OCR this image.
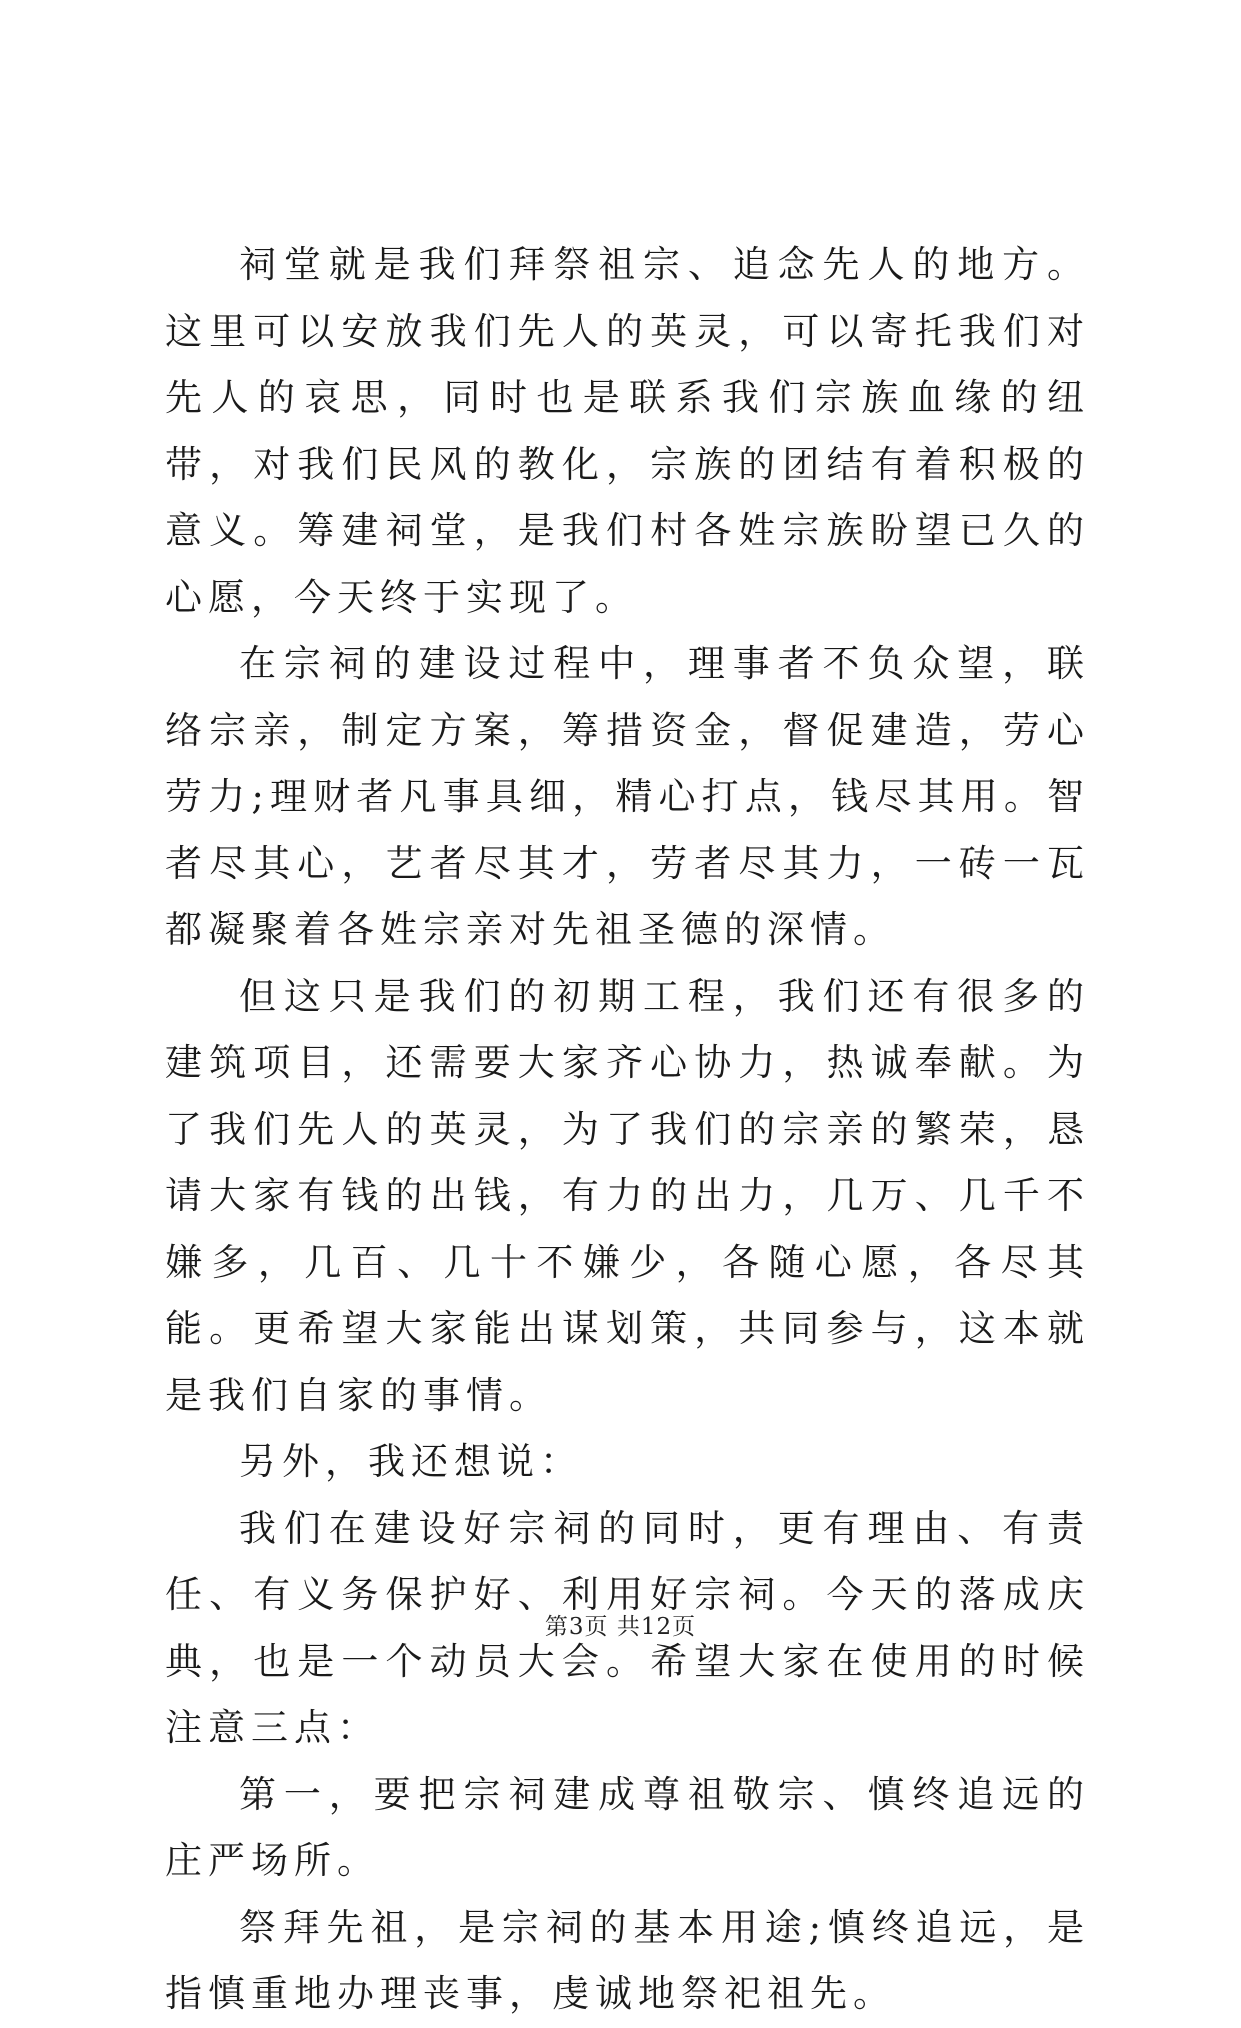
祠堂就是我们拜祭祖宗、追念先人的地方。这里可以安放我们先人的英灵，可以寄托我们对先人的哀思，同时也是联系我们宗族血缘的纽带，对我们民风的教化，宗族的团结有着积极的意义。筹建祠堂，是我们村各姓宗族盼望已久的心愿，今天终于实现了。

在宗祠的建设过程中，理事者不负众望，联络宗亲，制定方案，筹措资金，督促建造，劳心劳力;理财者凡事具细，精心打点，钱尽其用。智者尽其心，艺者尽其才，劳者尽其力，一砖一瓦都凝聚着各姓宗亲对先祖圣德的深情。

但这只是我们的初期工程，我们还有很多的建筑项目，还需要大家齐心协力，热诚奉献。为了我们先人的英灵，为了我们的宗亲的繁荣，恳请大家有钱的出钱，有力的出力，几万、几千不嫌多，几百、几十不嫌少，各随心愿，各尽其能。更希望大家能出谋划策，共同参与，这本就是我们自家的事情。

另外，我还想说：

我们在建设好宗祠的同时，更有理由、有责任、有义务保护好、利用好宗祠。今天的落成庆典，也是一个动员大会。希望大家在使用的时候注意三点：

第一，要把宗祠建成尊祖敬宗、慎终追远的庄严场所。

祭拜先祖，是宗祠的基本用途;慎终追远，是指慎重地办理丧事，虔诚地祭祀祖先。

第3页 共12页
